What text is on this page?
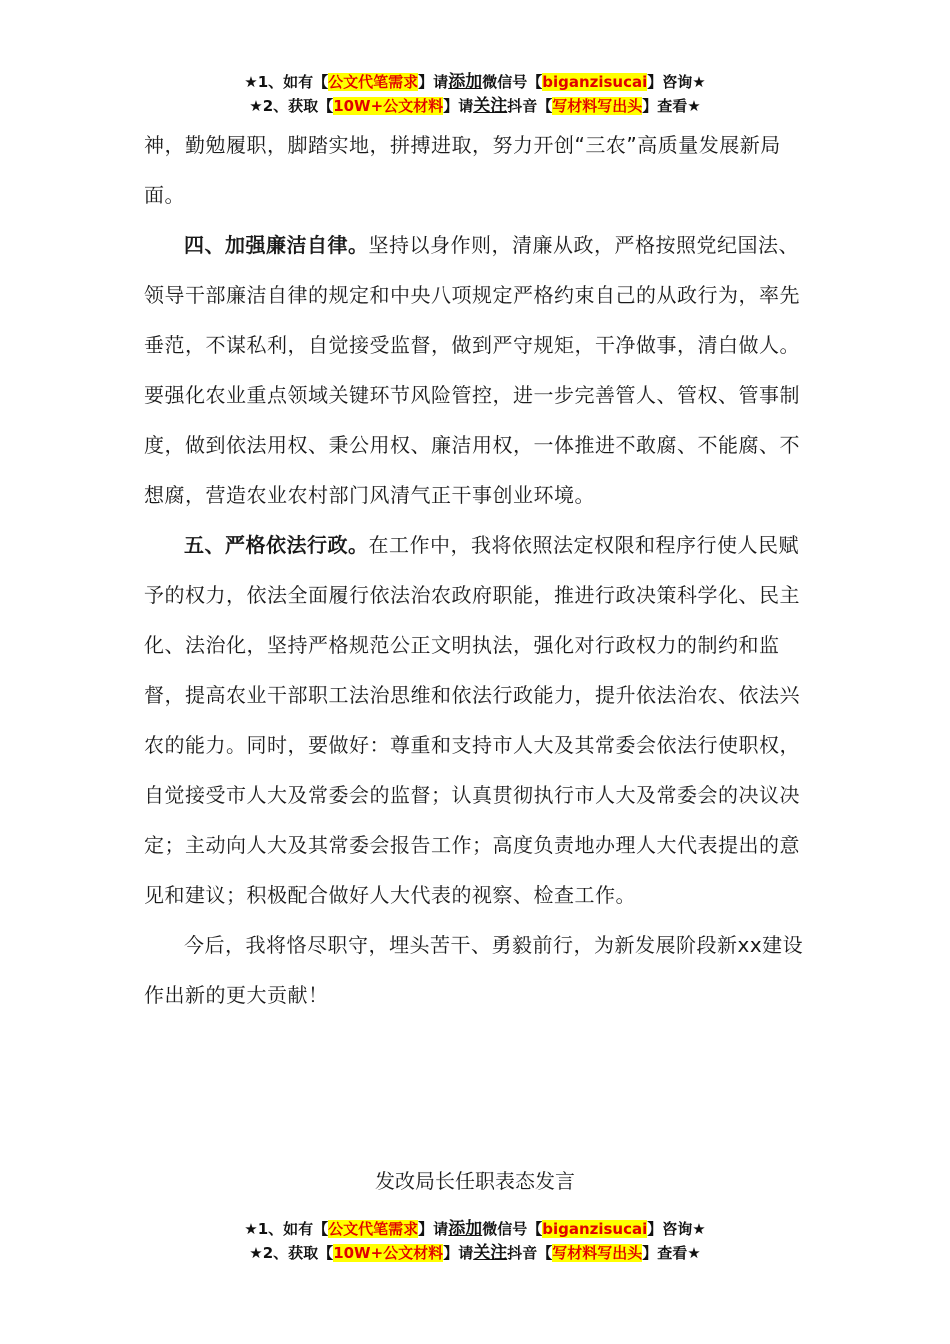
★1、如有【公文代笔需求】请添加微信号【biganzisucai】咨询★
★2、获取【10W+公文材料】请关注抖音【写材料写出头】查看★

神，勤勉履职，脚踏实地，拼搏进取，努力开创“三农”高质量发展新局面。

四、加强廉洁自律。坚持以身作则，清廉从政，严格按照党纪国法、领导干部廉洁自律的规定和中央八项规定严格约束自己的从政行为，率先垂范，不谋私利，自觉接受监督，做到严守规矩，干净做事，清白做人。要强化农业重点领域关键环节风险管控，进一步完善管人、管权、管事制度，做到依法用权、秉公用权、廉洁用权，一体推进不敢腐、不能腐、不想腐，营造农业农村部门风清气正干事创业环境。

五、严格依法行政。在工作中，我将依照法定权限和程序行使人民赋予的权力，依法全面履行依法治农政府职能，推进行政决策科学化、民主化、法治化，坚持严格规范公正文明执法，强化对行政权力的制约和监督，提高农业干部职工法治思维和依法行政能力，提升依法治农、依法兴农的能力。同时，要做好：尊重和支持市人大及其常委会依法行使职权，自觉接受市人大及常委会的监督；认真贯彻执行市人大及常委会的决议决定；主动向人大及其常委会报告工作；高度负责地办理人大代表提出的意见和建议；积极配合做好人大代表的视察、检查工作。

今后，我将恪尽职守，埋头苦干、勇毅前行，为新发展阶段新xx建设作出新的更大贡献！

发改局长任职表态发言
★1、如有【公文代笔需求】请添加微信号【biganzisucai】咨询★
★2、获取【10W+公文材料】请关注抖音【写材料写出头】查看★
